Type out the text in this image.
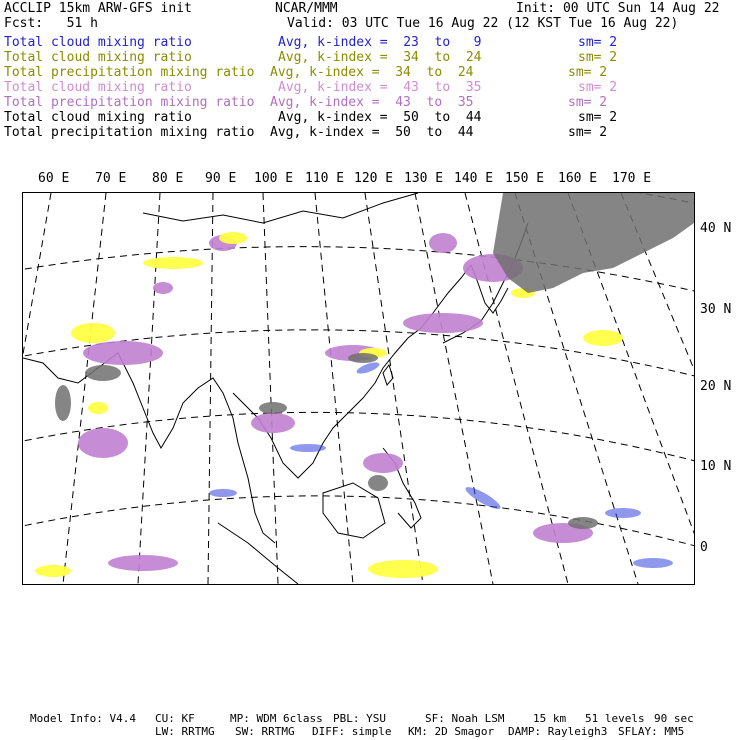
ACCLIP 15km ARW-GFS init	NCAR/MMM	Init: 00 UTC Sun 14 Aug 22
Fcst:   51 h	Valid: 03 UTC Tue 16 Aug 22 (12 KST Tue 16 Aug 22)
Total cloud mixing ratio	Avg, k-index =  23  to   9	sm= 2
Total cloud mixing ratio	Avg, k-index =  34  to  24	sm= 2
Total precipitation mixing ratio Avg, k-index =  34  to  24	sm= 2
Total cloud mixing ratio	Avg, k-index =  43  to  35	sm= 2
Total precipitation mixing ratio Avg, k-index =  43  to  35	sm= 2
Total cloud mixing ratio	Avg, k-index =  50  to  44	sm= 2
Total precipitation mixing ratio Avg, k-index =  50  to  44	sm= 2
60 E 70 E 80 E 90 E 100 E 110 E 120 E 130 E 140 E 150 E 160 E 170 E
40 N
30 N
20 N
10 N
0
Model Info: V4.4 CU: KF	MP: WDM 6class PBL: YSU	SF: Noah LSM	15 km 51 levels 90 sec
LW: RRTMG SW: RRTMG DIFF: simple KM: 2D Smagor DAMP: Rayleigh3 SFLAY: MM5
